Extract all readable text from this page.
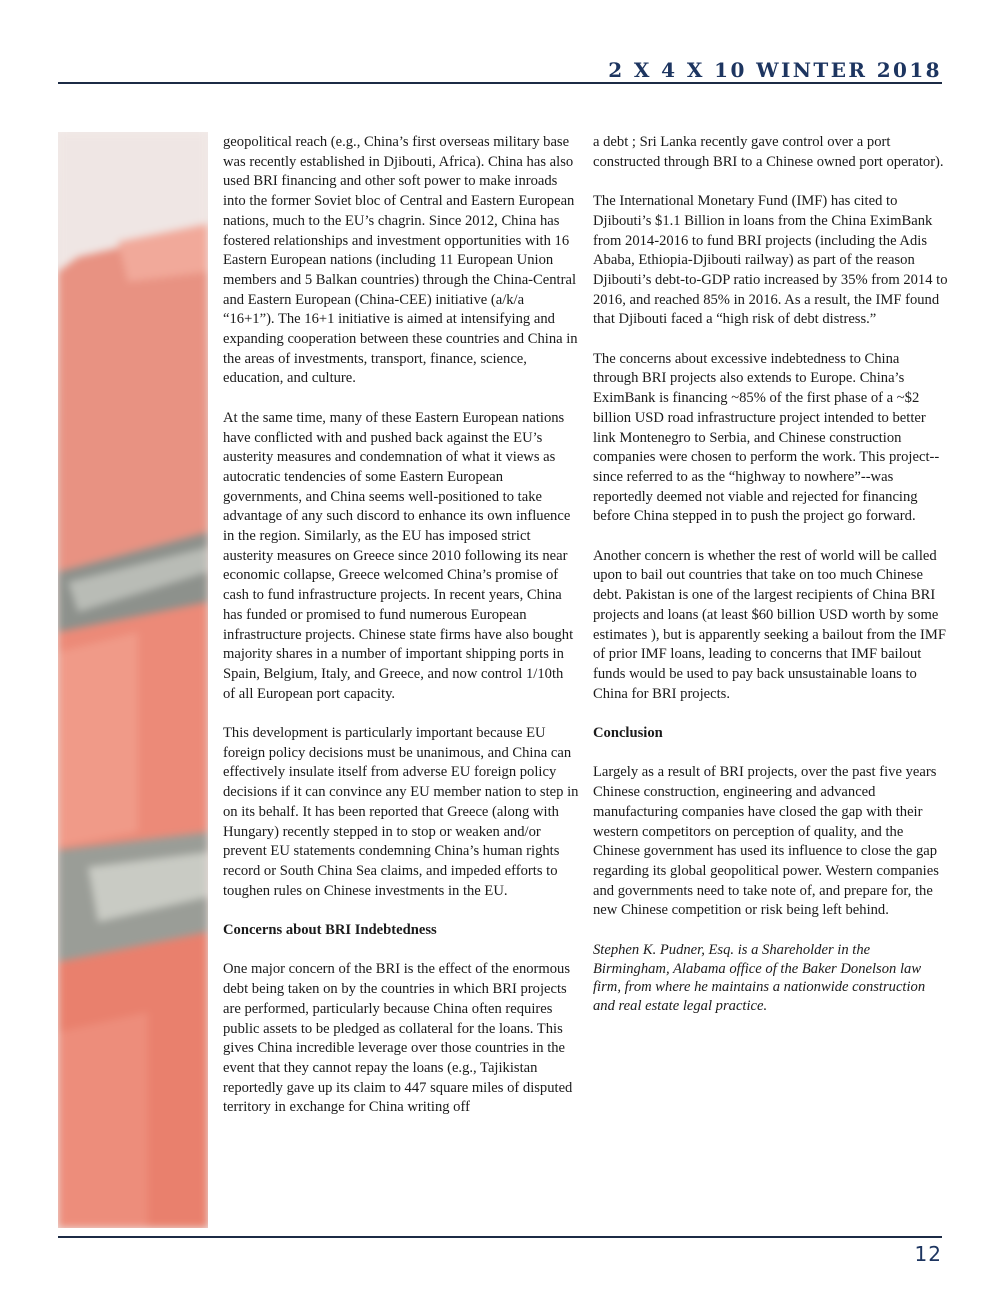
2 X 4 X 10 WINTER 2018

geopolitical reach (e.g., China’s first overseas military base was recently established in Djibouti, Africa). China has also used BRI financing and other soft power to make inroads into the former Soviet bloc of Central and Eastern European nations, much to the EU’s chagrin. Since 2012, China has fostered relationships and investment opportunities with 16 Eastern European nations (including 11 European Union members and 5 Balkan countries) through the China-Central and Eastern European (China-CEE) initiative (a/k/a “16+1”). The 16+1 initiative is aimed at intensifying and expanding cooperation between these countries and China in the areas of investments, transport, finance, science, education, and culture.

At the same time, many of these Eastern European nations have conflicted with and pushed back against the EU’s austerity measures and condemnation of what it views as autocratic tendencies of some Eastern European governments, and China seems well-positioned to take advantage of any such discord to enhance its own influence in the region. Similarly, as the EU has imposed strict austerity measures on Greece since 2010 following its near economic collapse, Greece welcomed China’s promise of cash to fund infrastructure projects. In recent years, China has funded or promised to fund numerous European infrastructure projects. Chinese state firms have also bought majority shares in a number of important shipping ports in Spain, Belgium, Italy, and Greece, and now control 1/10th of all European port capacity.

This development is particularly important because EU foreign policy decisions must be unanimous, and China can effectively insulate itself from adverse EU foreign policy decisions if it can convince any EU member nation to step in on its behalf. It has been reported that Greece (along with Hungary) recently stepped in to stop or weaken and/or prevent EU statements condemning China’s human rights record or South China Sea claims, and impeded efforts to toughen rules on Chinese investments in the EU.

Concerns about BRI Indebtedness

One major concern of the BRI is the effect of the enormous debt being taken on by the countries in which BRI projects are performed, particularly because China often requires public assets to be pledged as collateral for the loans. This gives China incredible leverage over those countries in the event that they cannot repay the loans (e.g., Tajikistan reportedly gave up its claim to 447 square miles of disputed territory in exchange for China writing off

a debt ; Sri Lanka recently gave control over a port constructed through BRI to a Chinese owned port operator).

The International Monetary Fund (IMF) has cited to Djibouti’s $1.1 Billion in loans from the China EximBank from 2014-2016 to fund BRI projects (including the Adis Ababa, Ethiopia-Djibouti railway) as part of the reason Djibouti’s debt-to-GDP ratio increased by 35% from 2014 to 2016, and reached 85% in 2016. As a result, the IMF found that Djibouti faced a “high risk of debt distress.”

The concerns about excessive indebtedness to China through BRI projects also extends to Europe. China’s EximBank is financing ~85% of the first phase of a ~$2 billion USD road infrastructure project intended to better link Montenegro to Serbia, and Chinese construction companies were chosen to perform the work. This project--since referred to as the “highway to nowhere”--was reportedly deemed not viable and rejected for financing before China stepped in to push the project go forward.

Another concern is whether the rest of world will be called upon to bail out countries that take on too much Chinese debt. Pakistan is one of the largest recipients of China BRI projects and loans (at least $60 billion USD worth by some estimates ), but is apparently seeking a bailout from the IMF of prior IMF loans, leading to concerns that IMF bailout funds would be used to pay back unsustainable loans to China for BRI projects.

Conclusion

Largely as a result of BRI projects, over the past five years Chinese construction, engineering and advanced manufacturing companies have closed the gap with their western competitors on perception of quality, and the Chinese government has used its influence to close the gap regarding its global geopolitical power. Western companies and governments need to take note of, and prepare for, the new Chinese competition or risk being left behind.

Stephen K. Pudner, Esq. is a Shareholder in the Birmingham, Alabama office of the Baker Donelson law firm, from where he maintains a nationwide construction and real estate legal practice.

12
